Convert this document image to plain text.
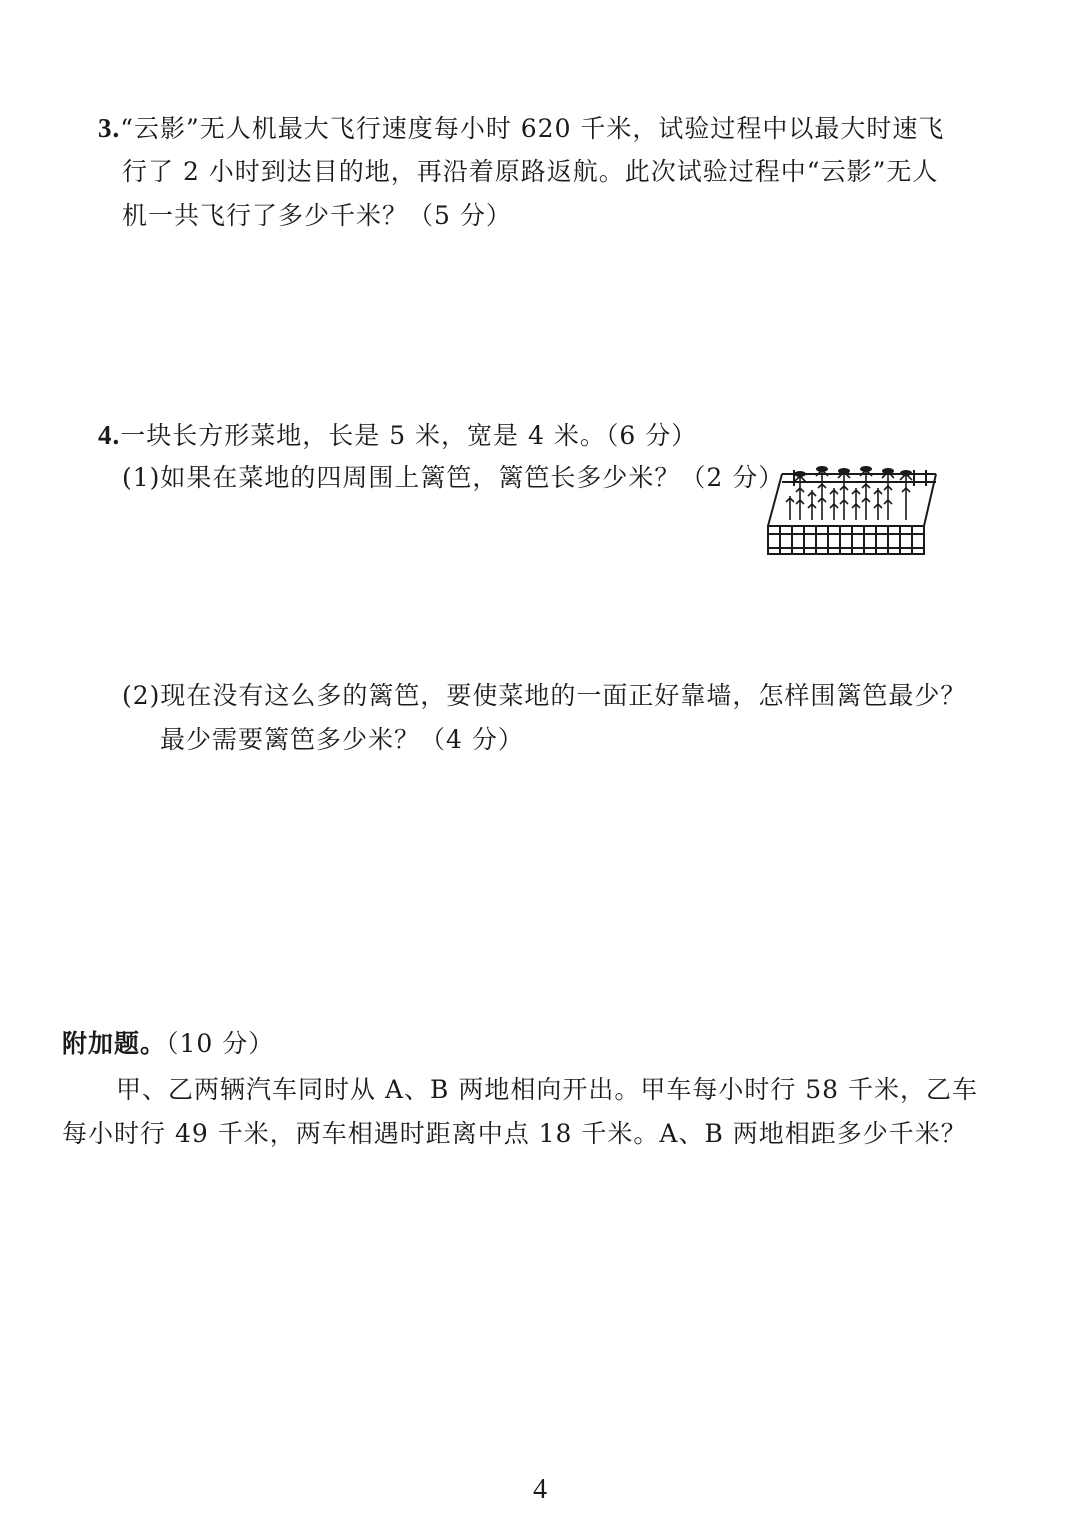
3.“云影”无人机最大飞行速度每小时 620 千米，试验过程中以最大时速飞
行了 2 小时到达目的地，再沿着原路返航。此次试验过程中“云影”无人
机一共飞行了多少千米？（5 分）
4.一块长方形菜地，长是 5 米，宽是 4 米。（6 分）
(1)如果在菜地的四周围上篱笆，篱笆长多少米？（2 分）
(2)现在没有这么多的篱笆，要使菜地的一面正好靠墙，怎样围篱笆最少？
最少需要篱笆多少米？（4 分）
附加题。（10 分）
甲、乙两辆汽车同时从 A、B 两地相向开出。甲车每小时行 58 千米，乙车
每小时行 49 千米，两车相遇时距离中点 18 千米。A、B 两地相距多少千米？
4
